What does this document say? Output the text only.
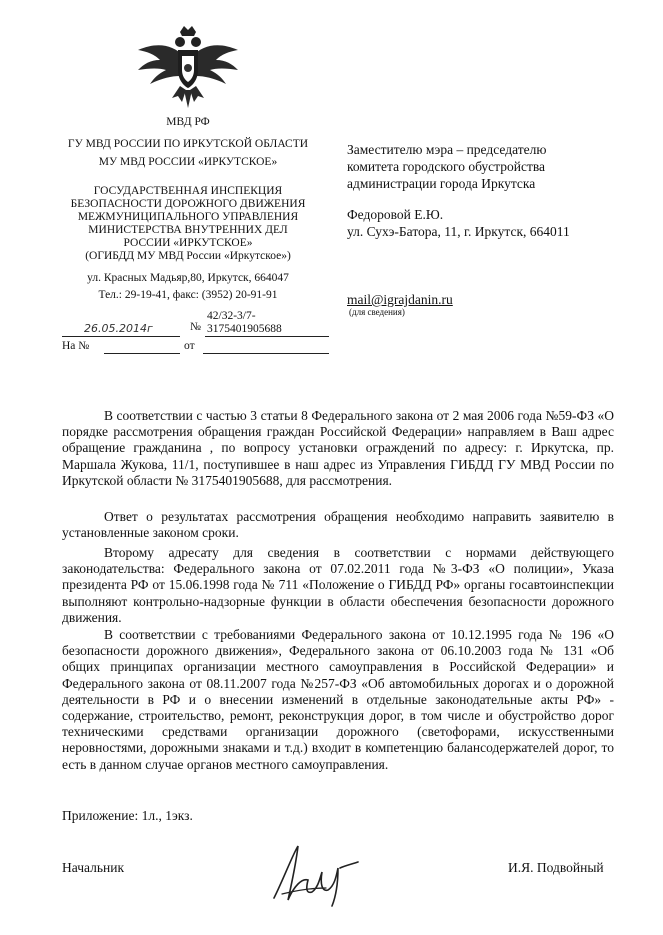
МВД РФ
ГУ МВД РОССИИ ПО ИРКУТСКОЙ ОБЛАСТИ
МУ МВД РОССИИ «ИРКУТСКОЕ»
ГОСУДАРСТВЕННАЯ ИНСПЕКЦИЯ
БЕЗОПАСНОСТИ ДОРОЖНОГО ДВИЖЕНИЯ
МЕЖМУНИЦИПАЛЬНОГО УПРАВЛЕНИЯ
МИНИСТЕРСТВА ВНУТРЕННИХ ДЕЛ
РОССИИ «ИРКУТСКОЕ»
(ОГИБДД МУ МВД России «Иркутское»)
ул. Красных Мадьяр,80, Иркутск, 664047
Тел.: 29-19-41, факс: (3952) 20-91-91
26.05.2014г	№
42/32-3/7-
3175401905688
На №	от
Заместителю мэра – председателю
комитета городского обустройства
администрации города Иркутска
Федоровой Е.Ю.
ул. Сухэ-Батора, 11, г. Иркутск, 664011
mail@igrajdanin.ru
(для сведения)
В соответствии с частью 3 статьи 8 Федерального закона от 2 мая 2006 года №59-ФЗ «О порядке рассмотрения обращения граждан Российской Федерации» направляем в Ваш адрес обращение гражданина , по вопросу установки ограждений по адресу: г. Иркутска, пр. Маршала Жукова, 11/1, поступившее в наш адрес из Управления ГИБДД ГУ МВД России по Иркутской области № 3175401905688, для рассмотрения.
Ответ о результатах рассмотрения обращения необходимо направить заявителю в установленные законом сроки.
Второму адресату для сведения в соответствии с нормами действующего законодательства: Федерального закона от 07.02.2011 года №3-ФЗ «О полиции», Указа президента РФ от 15.06.1998 года № 711 «Положение о ГИБДД РФ» органы госавтоинспекции выполняют контрольно-надзорные функции в области обеспечения безопасности дорожного движения.
В соответствии с требованиями Федерального закона от 10.12.1995 года № 196 «О безопасности дорожного движения», Федерального закона от 06.10.2003 года № 131 «Об общих принципах организации местного самоуправления в Российской Федерации» и Федерального закона от 08.11.2007 года №257-ФЗ «Об автомобильных дорогах и о дорожной деятельности в РФ и о внесении изменений в отдельные законодательные акты РФ» - содержание, строительство, ремонт, реконструкция дорог, в том числе и обустройство дорог техническими средствами организации дорожного (светофорами, искусственными неровностями, дорожными знаками и т.д.) входит в компетенцию балансодержателей дорог, то есть в данном случае органов местного самоуправления.
Приложение: 1л., 1экз.
Начальник	И.Я. Подвойный
